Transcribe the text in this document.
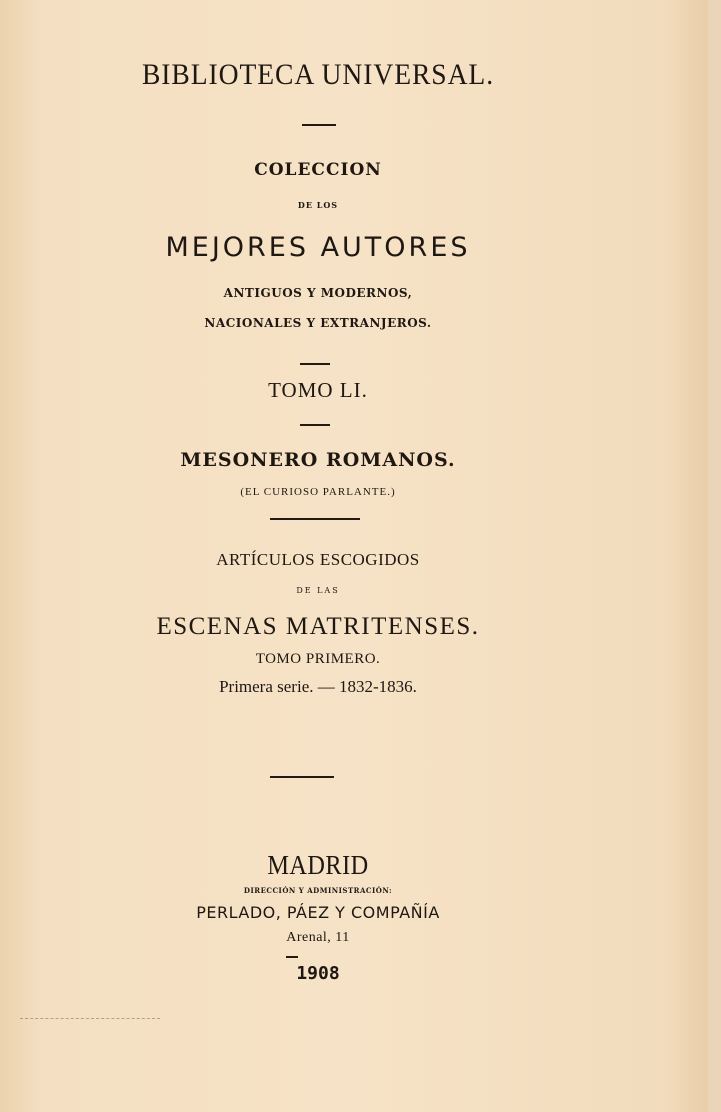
BIBLIOTECA UNIVERSAL.
COLECCION
DE LOS
MEJORES AUTORES
ANTIGUOS Y MODERNOS,
NACIONALES Y EXTRANJEROS.
TOMO LI.
MESONERO ROMANOS.
(EL CURIOSO PARLANTE.)
ARTÍCULOS ESCOGIDOS
DE LAS
ESCENAS MATRITENSES.
TOMO PRIMERO.
Primera serie. — 1832-1836.
MADRID
DIRECCIÓN Y ADMINISTRACIÓN:
PERLADO, PÁEZ Y COMPAÑÍA
Arenal, 11
1908
